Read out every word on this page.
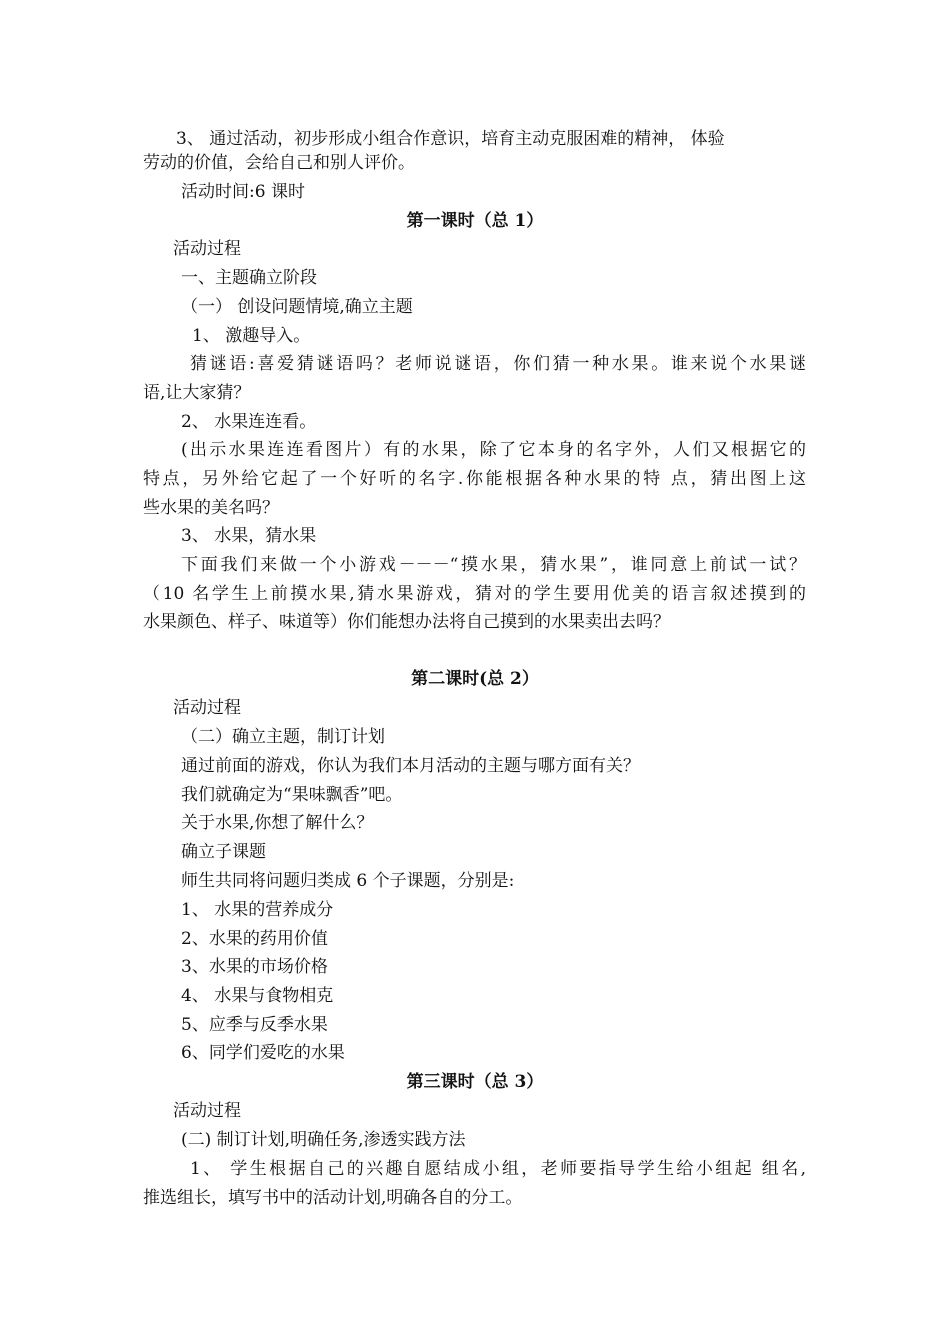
3、 通过活动，初步形成小组合作意识，培育主动克服困难的精神， 体验
劳动的价值，会给自己和别人评价。
活动时间:6 课时
第一课时（总 1）
活动过程
一、主题确立阶段
（一） 创设问题情境,确立主题
1、 激趣导入。
猜谜语:喜爱猜谜语吗？老师说谜语，你们猜一种水果。谁来说个水果谜
语,让大家猜？
2、 水果连连看。
(出示水果连连看图片）有的水果，除了它本身的名字外，人们又根据它的
特点，另外给它起了一个好听的名字.你能根据各种水果的特 点，猜出图上这
些水果的美名吗？
3、 水果，猜水果
下面我们来做一个小游戏－－－“摸水果，猜水果”，谁同意上前试一试？
（10 名学生上前摸水果,猜水果游戏，猜对的学生要用优美的语言叙述摸到的
水果颜色、样子、味道等）你们能想办法将自己摸到的水果卖出去吗？
第二课时(总 2）
活动过程
（二）确立主题，制订计划
通过前面的游戏，你认为我们本月活动的主题与哪方面有关？
我们就确定为“果味飘香”吧。
关于水果,你想了解什么？
确立子课题
师生共同将问题归类成 6 个子课题，分别是:
1、 水果的营养成分
2、水果的药用价值
3、水果的市场价格
4、 水果与食物相克
5、应季与反季水果
6、同学们爱吃的水果
第三课时（总 3）
活动过程
(二) 制订计划,明确任务,渗透实践方法
1、 学生根据自己的兴趣自愿结成小组，老师要指导学生给小组起 组名,
推选组长，填写书中的活动计划,明确各自的分工。
